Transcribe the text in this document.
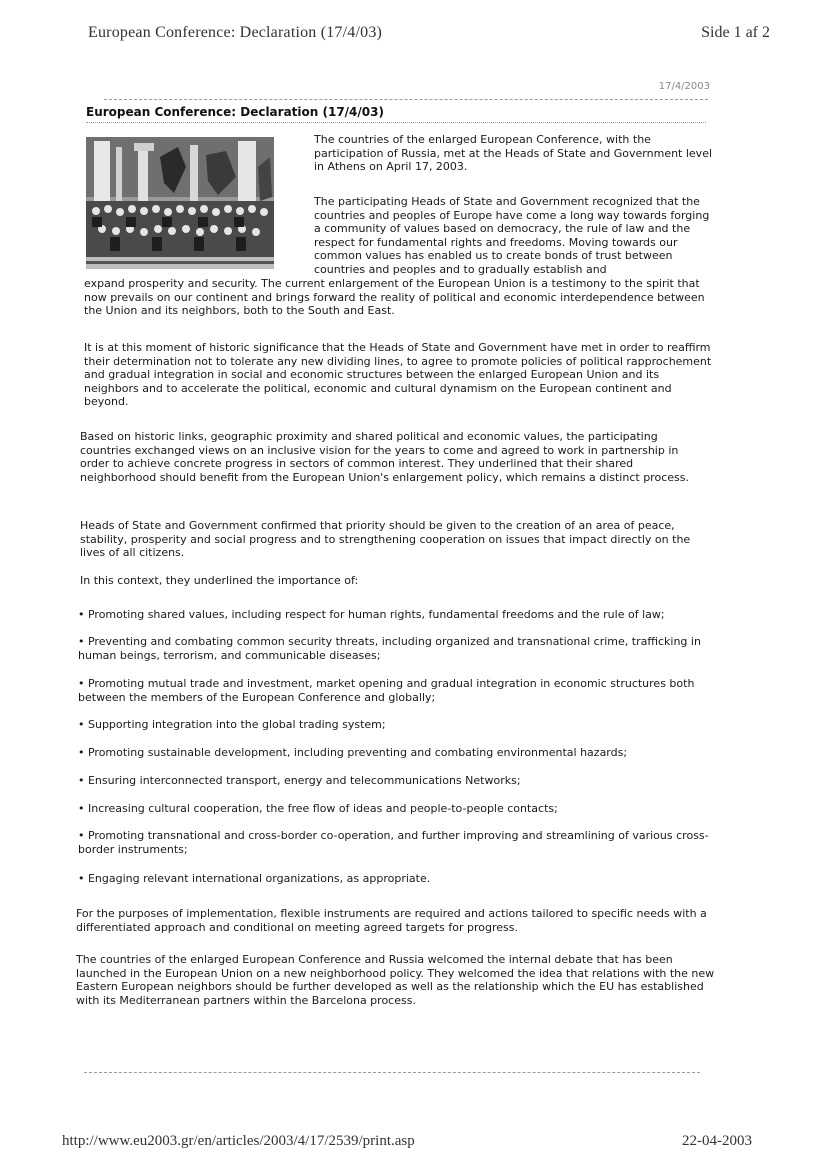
European Conference: Declaration (17/4/03)	Side 1 af 2
17/4/2003
European Conference: Declaration (17/4/03)
The countries of the enlarged European Conference, with the participation of Russia, met at the Heads of State and Government level in Athens on April 17, 2003.
The participating Heads of State and Government recognized that the countries and peoples of Europe have come a long way towards forging a community of values based on democracy, the rule of law and the respect for fundamental rights and freedoms. Moving towards our common values has enabled us to create bonds of trust between countries and peoples and to gradually establish and
expand prosperity and security. The current enlargement of the European Union is a testimony to the spirit that now prevails on our continent and brings forward the reality of political and economic interdependence between the Union and its neighbors, both to the South and East.

It is at this moment of historic significance that the Heads of State and Government have met in order to reaffirm their determination not to tolerate any new dividing lines, to agree to promote policies of political rapprochement and gradual integration in social and economic structures between the enlarged European Union and its neighbors and to accelerate the political, economic and cultural dynamism on the European continent and beyond.

Based on historic links, geographic proximity and shared political and economic values, the participating countries exchanged views on an inclusive vision for the years to come and agreed to work in partnership in order to achieve concrete progress in sectors of common interest. They underlined that their shared neighborhood should benefit from the European Union's enlargement policy, which remains a distinct process.

Heads of State and Government confirmed that priority should be given to the creation of an area of peace, stability, prosperity and social progress and to strengthening cooperation on issues that impact directly on the lives of all citizens.

In this context, they underlined the importance of:

• Promoting shared values, including respect for human rights, fundamental freedoms and the rule of law;
• Preventing and combating common security threats, including organized and transnational crime, trafficking in human beings, terrorism, and communicable diseases;
• Promoting mutual trade and investment, market opening and gradual integration in economic structures both between the members of the European Conference and globally;
• Supporting integration into the global trading system;
• Promoting sustainable development, including preventing and combating environmental hazards;
• Ensuring interconnected transport, energy and telecommunications Networks;
• Increasing cultural cooperation, the free flow of ideas and people-to-people contacts;
• Promoting transnational and cross-border co-operation, and further improving and streamlining of various cross-border instruments;
• Engaging relevant international organizations, as appropriate.

For the purposes of implementation, flexible instruments are required and actions tailored to specific needs with a differentiated approach and conditional on meeting agreed targets for progress.

The countries of the enlarged European Conference and Russia welcomed the internal debate that has been launched in the European Union on a new neighborhood policy. They welcomed the idea that relations with the new Eastern European neighbors should be further developed as well as the relationship which the EU has established with its Mediterranean partners within the Barcelona process.

http://www.eu2003.gr/en/articles/2003/4/17/2539/print.asp	22-04-2003
